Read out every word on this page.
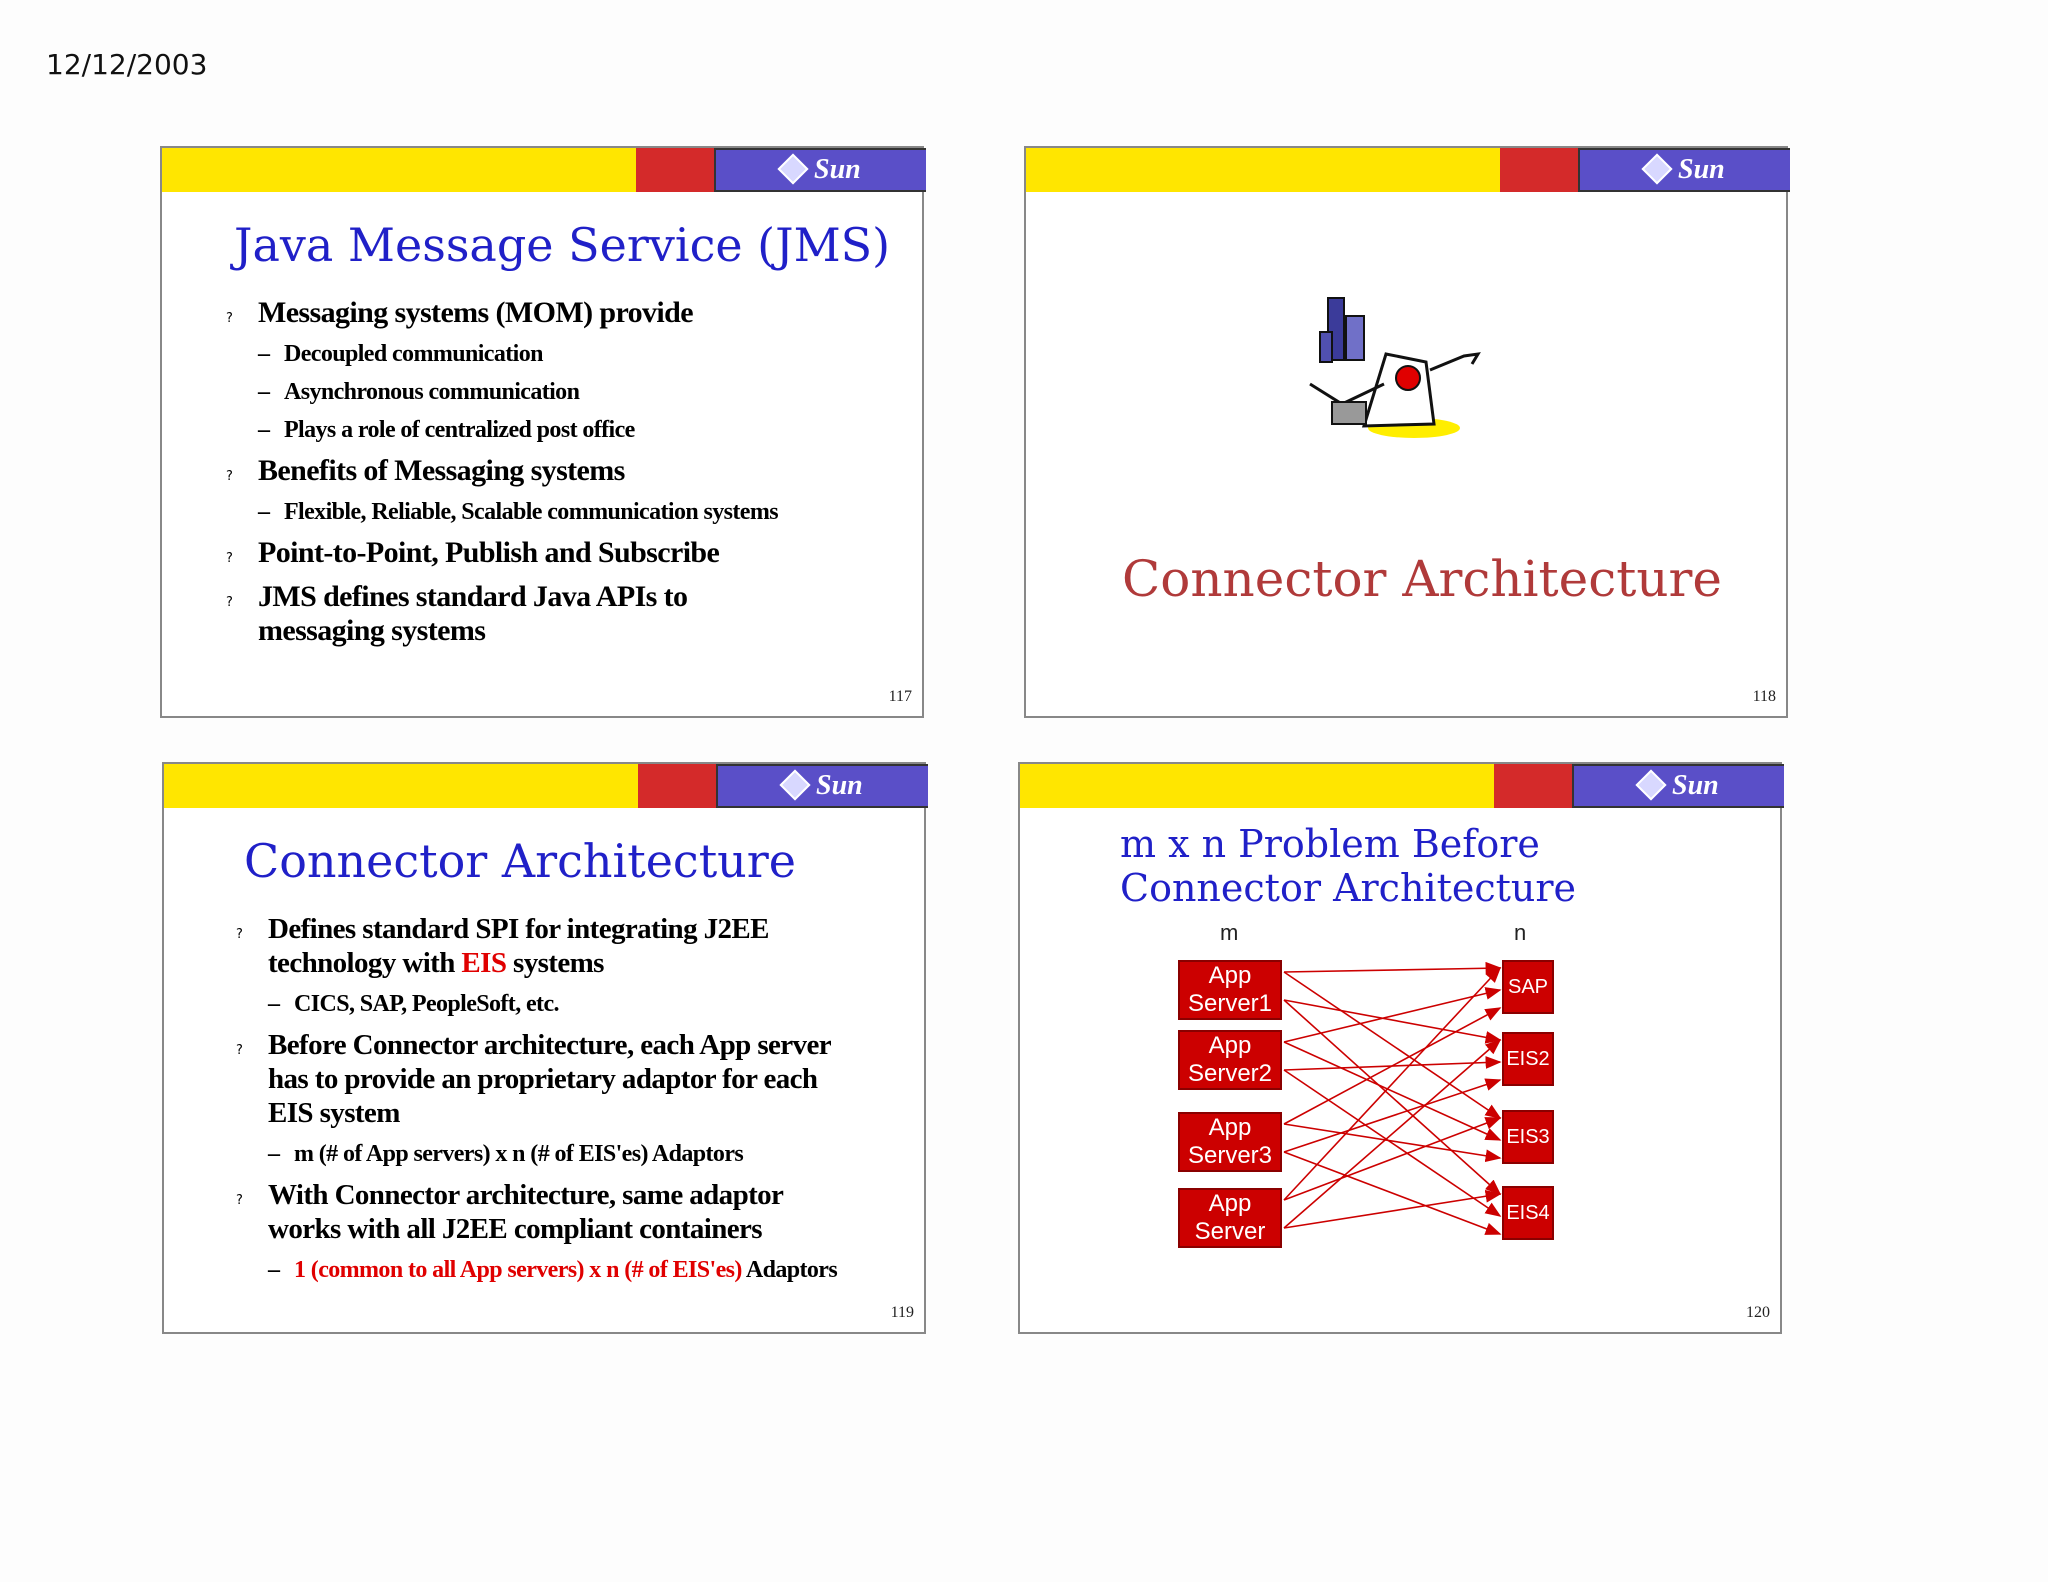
12/12/2003
Sun
Java Message Service (JMS)
? Messaging systems (MOM) provide
– Decoupled communication
– Asynchronous communication
– Plays a role of centralized post office
? Benefits of Messaging systems
– Flexible, Reliable, Scalable communication systems
? Point-to-Point, Publish and Subscribe
? JMS defines standard Java APIs to messaging systems
117
Sun
Connector Architecture
118
Sun
Connector Architecture
? Defines standard SPI for integrating J2EE technology with EIS systems
– CICS, SAP, PeopleSoft, etc.
? Before Connector architecture, each App server has to provide an proprietary adaptor for each EIS system
– m (# of App servers) x n (# of EIS'es) Adaptors
? With Connector architecture, same adaptor works with all J2EE compliant containers
– 1 (common to all App servers) x n (# of EIS'es) Adaptors
119
Sun
m x n Problem Before Connector Architecture
m	n
App Server1
App Server2
App Server3
App Server
SAP
EIS2
EIS3
EIS4
120
